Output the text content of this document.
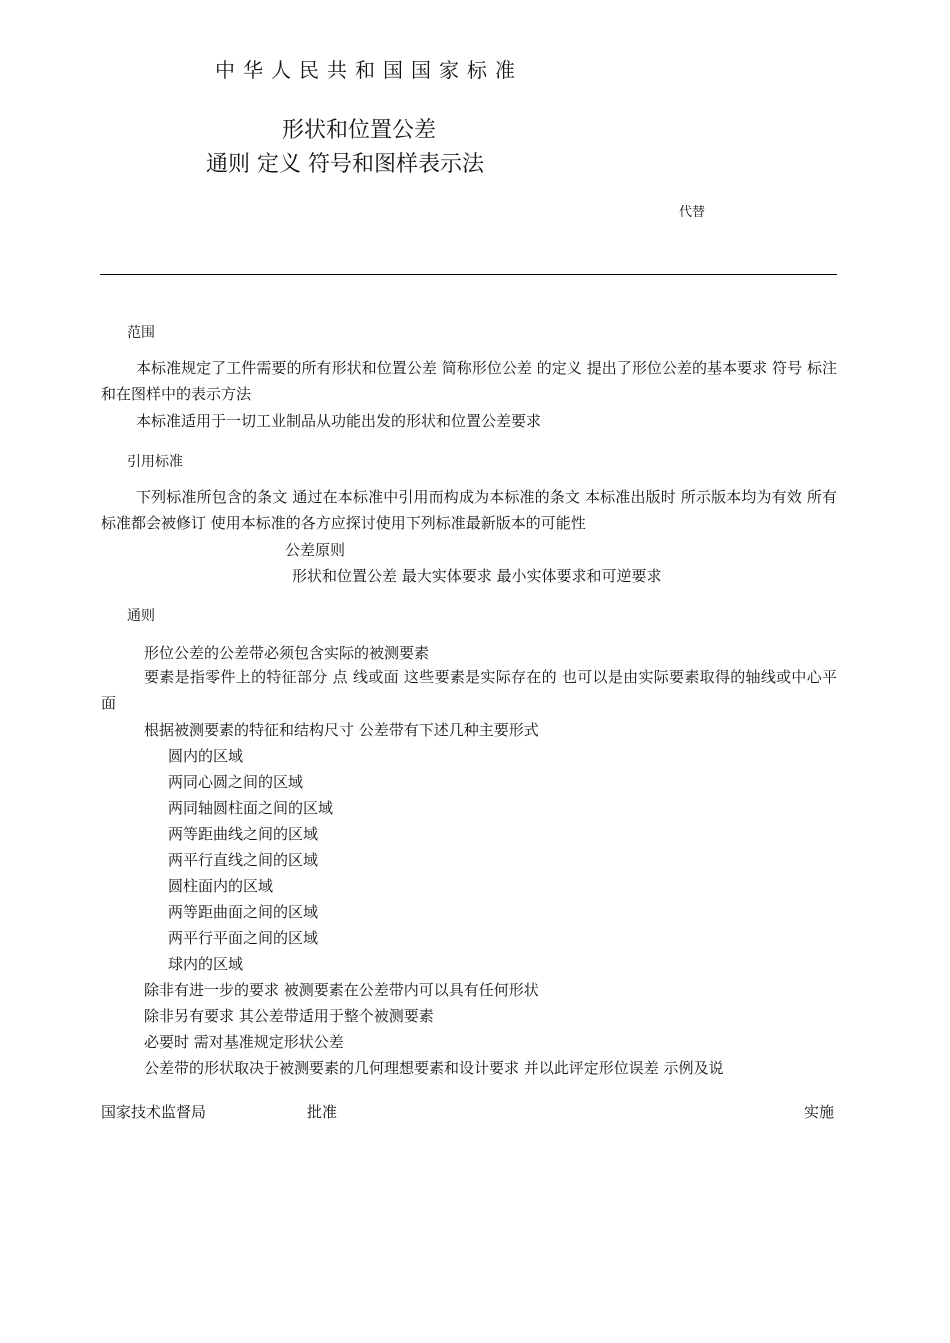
中华人民共和国国家标准
形状和位置公差
通则 定义 符号和图样表示法
代替
范围
本标准规定了工件需要的所有形状和位置公差 简称形位公差 的定义 提出了形位公差的基本要求 符号 标注和在图样中的表示方法
本标准适用于一切工业制品从功能出发的形状和位置公差要求
引用标准
下列标准所包含的条文 通过在本标准中引用而构成为本标准的条文 本标准出版时 所示版本均为有效 所有标准都会被修订 使用本标准的各方应探讨使用下列标准最新版本的可能性
公差原则
形状和位置公差 最大实体要求 最小实体要求和可逆要求
通则
形位公差的公差带必须包含实际的被测要素
要素是指零件上的特征部分 点 线或面 这些要素是实际存在的 也可以是由实际要素取得的轴线或中心平面
根据被测要素的特征和结构尺寸 公差带有下述几种主要形式
圆内的区域
两同心圆之间的区域
两同轴圆柱面之间的区域
两等距曲线之间的区域
两平行直线之间的区域
圆柱面内的区域
两等距曲面之间的区域
两平行平面之间的区域
球内的区域
除非有进一步的要求 被测要素在公差带内可以具有任何形状
除非另有要求 其公差带适用于整个被测要素
必要时 需对基准规定形状公差
公差带的形状取决于被测要素的几何理想要素和设计要求 并以此评定形位误差 示例及说
国家技术监督局	批准	实施
